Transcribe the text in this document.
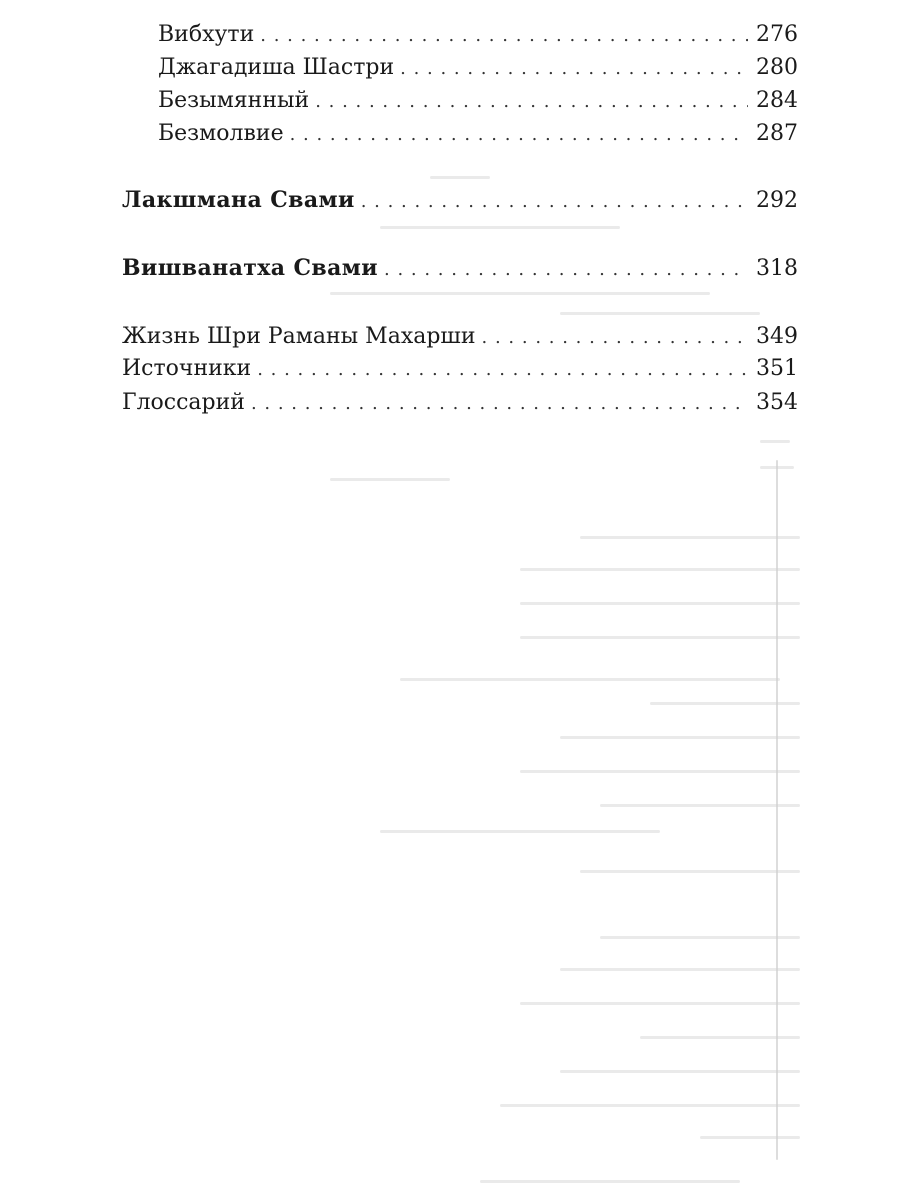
Вибхути . . .	276
Джагадиша Шастри . . .	280
Безымянный . . .	284
Безмолвие . . .	287
Лакшмана Свами . . .	292
Вишванатха Свами . . .	318
Жизнь Шри Раманы Махарши . . .	349
Источники . . .	351
Глоссарий . . .	354
